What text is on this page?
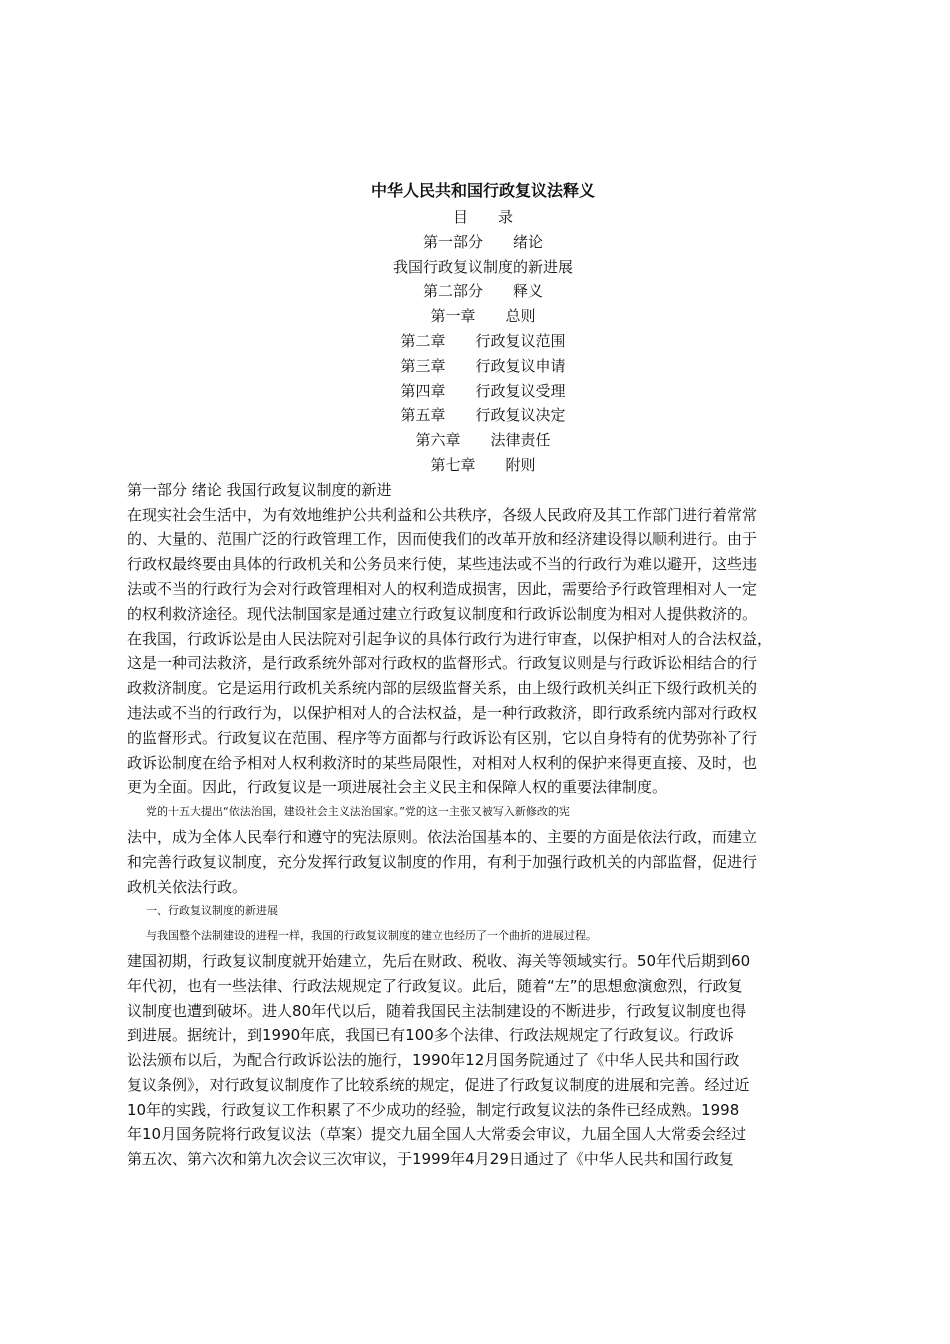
中华人民共和国行政复议法释义
目　　录
第一部分　　绪论
我国行政复议制度的新进展
第二部分　　释义
第一章　　总则
第二章　　行政复议范围
第三章　　行政复议申请
第四章　　行政复议受理
第五章　　行政复议决定
第六章　　法律责任
第七章　　附则
第一部分 绪论 我国行政复议制度的新进
在现实社会生活中，为有效地维护公共利益和公共秩序，各级人民政府及其工作部门进行着常常
的、大量的、范围广泛的行政管理工作，因而使我们的改革开放和经济建设得以顺利进行。由于
行政权最终要由具体的行政机关和公务员来行使，某些违法或不当的行政行为难以避开，这些违
法或不当的行政行为会对行政管理相对人的权利造成损害，因此，需要给予行政管理相对人一定
的权利救济途径。现代法制国家是通过建立行政复议制度和行政诉讼制度为相对人提供救济的。
在我国，行政诉讼是由人民法院对引起争议的具体行政行为进行审查，以保护相对人的合法权益，
这是一种司法救济，是行政系统外部对行政权的监督形式。行政复议则是与行政诉讼相结合的行
政救济制度。它是运用行政机关系统内部的层级监督关系，由上级行政机关纠正下级行政机关的
违法或不当的行政行为，以保护相对人的合法权益，是一种行政救济，即行政系统内部对行政权
的监督形式。行政复议在范围、程序等方面都与行政诉讼有区别，它以自身特有的优势弥补了行
政诉讼制度在给予相对人权利救济时的某些局限性，对相对人权利的保护来得更直接、及时，也
更为全面。因此，行政复议是一项进展社会主义民主和保障人权的重要法律制度。
党的十五大提出“依法治国，建设社会主义法治国家。”党的这一主张又被写入新修改的宪
法中，成为全体人民奉行和遵守的宪法原则。依法治国基本的、主要的方面是依法行政，而建立
和完善行政复议制度，充分发挥行政复议制度的作用，有利于加强行政机关的内部监督，促进行
政机关依法行政。
一、行政复议制度的新进展
与我国整个法制建设的进程一样，我国的行政复议制度的建立也经历了一个曲折的进展过程。
建国初期，行政复议制度就开始建立，先后在财政、税收、海关等领域实行。50年代后期到60
年代初，也有一些法律、行政法规规定了行政复议。此后，随着“左”的思想愈演愈烈，行政复
议制度也遭到破坏。进人80年代以后，随着我国民主法制建设的不断进步，行政复议制度也得
到进展。据统计，到1990年底，我国已有100多个法律、行政法规规定了行政复议。行政诉
讼法颁布以后，为配合行政诉讼法的施行，1990年12月国务院通过了《中华人民共和国行政
复议条例》，对行政复议制度作了比较系统的规定，促进了行政复议制度的进展和完善。经过近
10年的实践，行政复议工作积累了不少成功的经验，制定行政复议法的条件已经成熟。1998
年10月国务院将行政复议法（草案）提交九届全国人大常委会审议，九届全国人大常委会经过
第五次、第六次和第九次会议三次审议，于1999年4月29日通过了《中华人民共和国行政复
